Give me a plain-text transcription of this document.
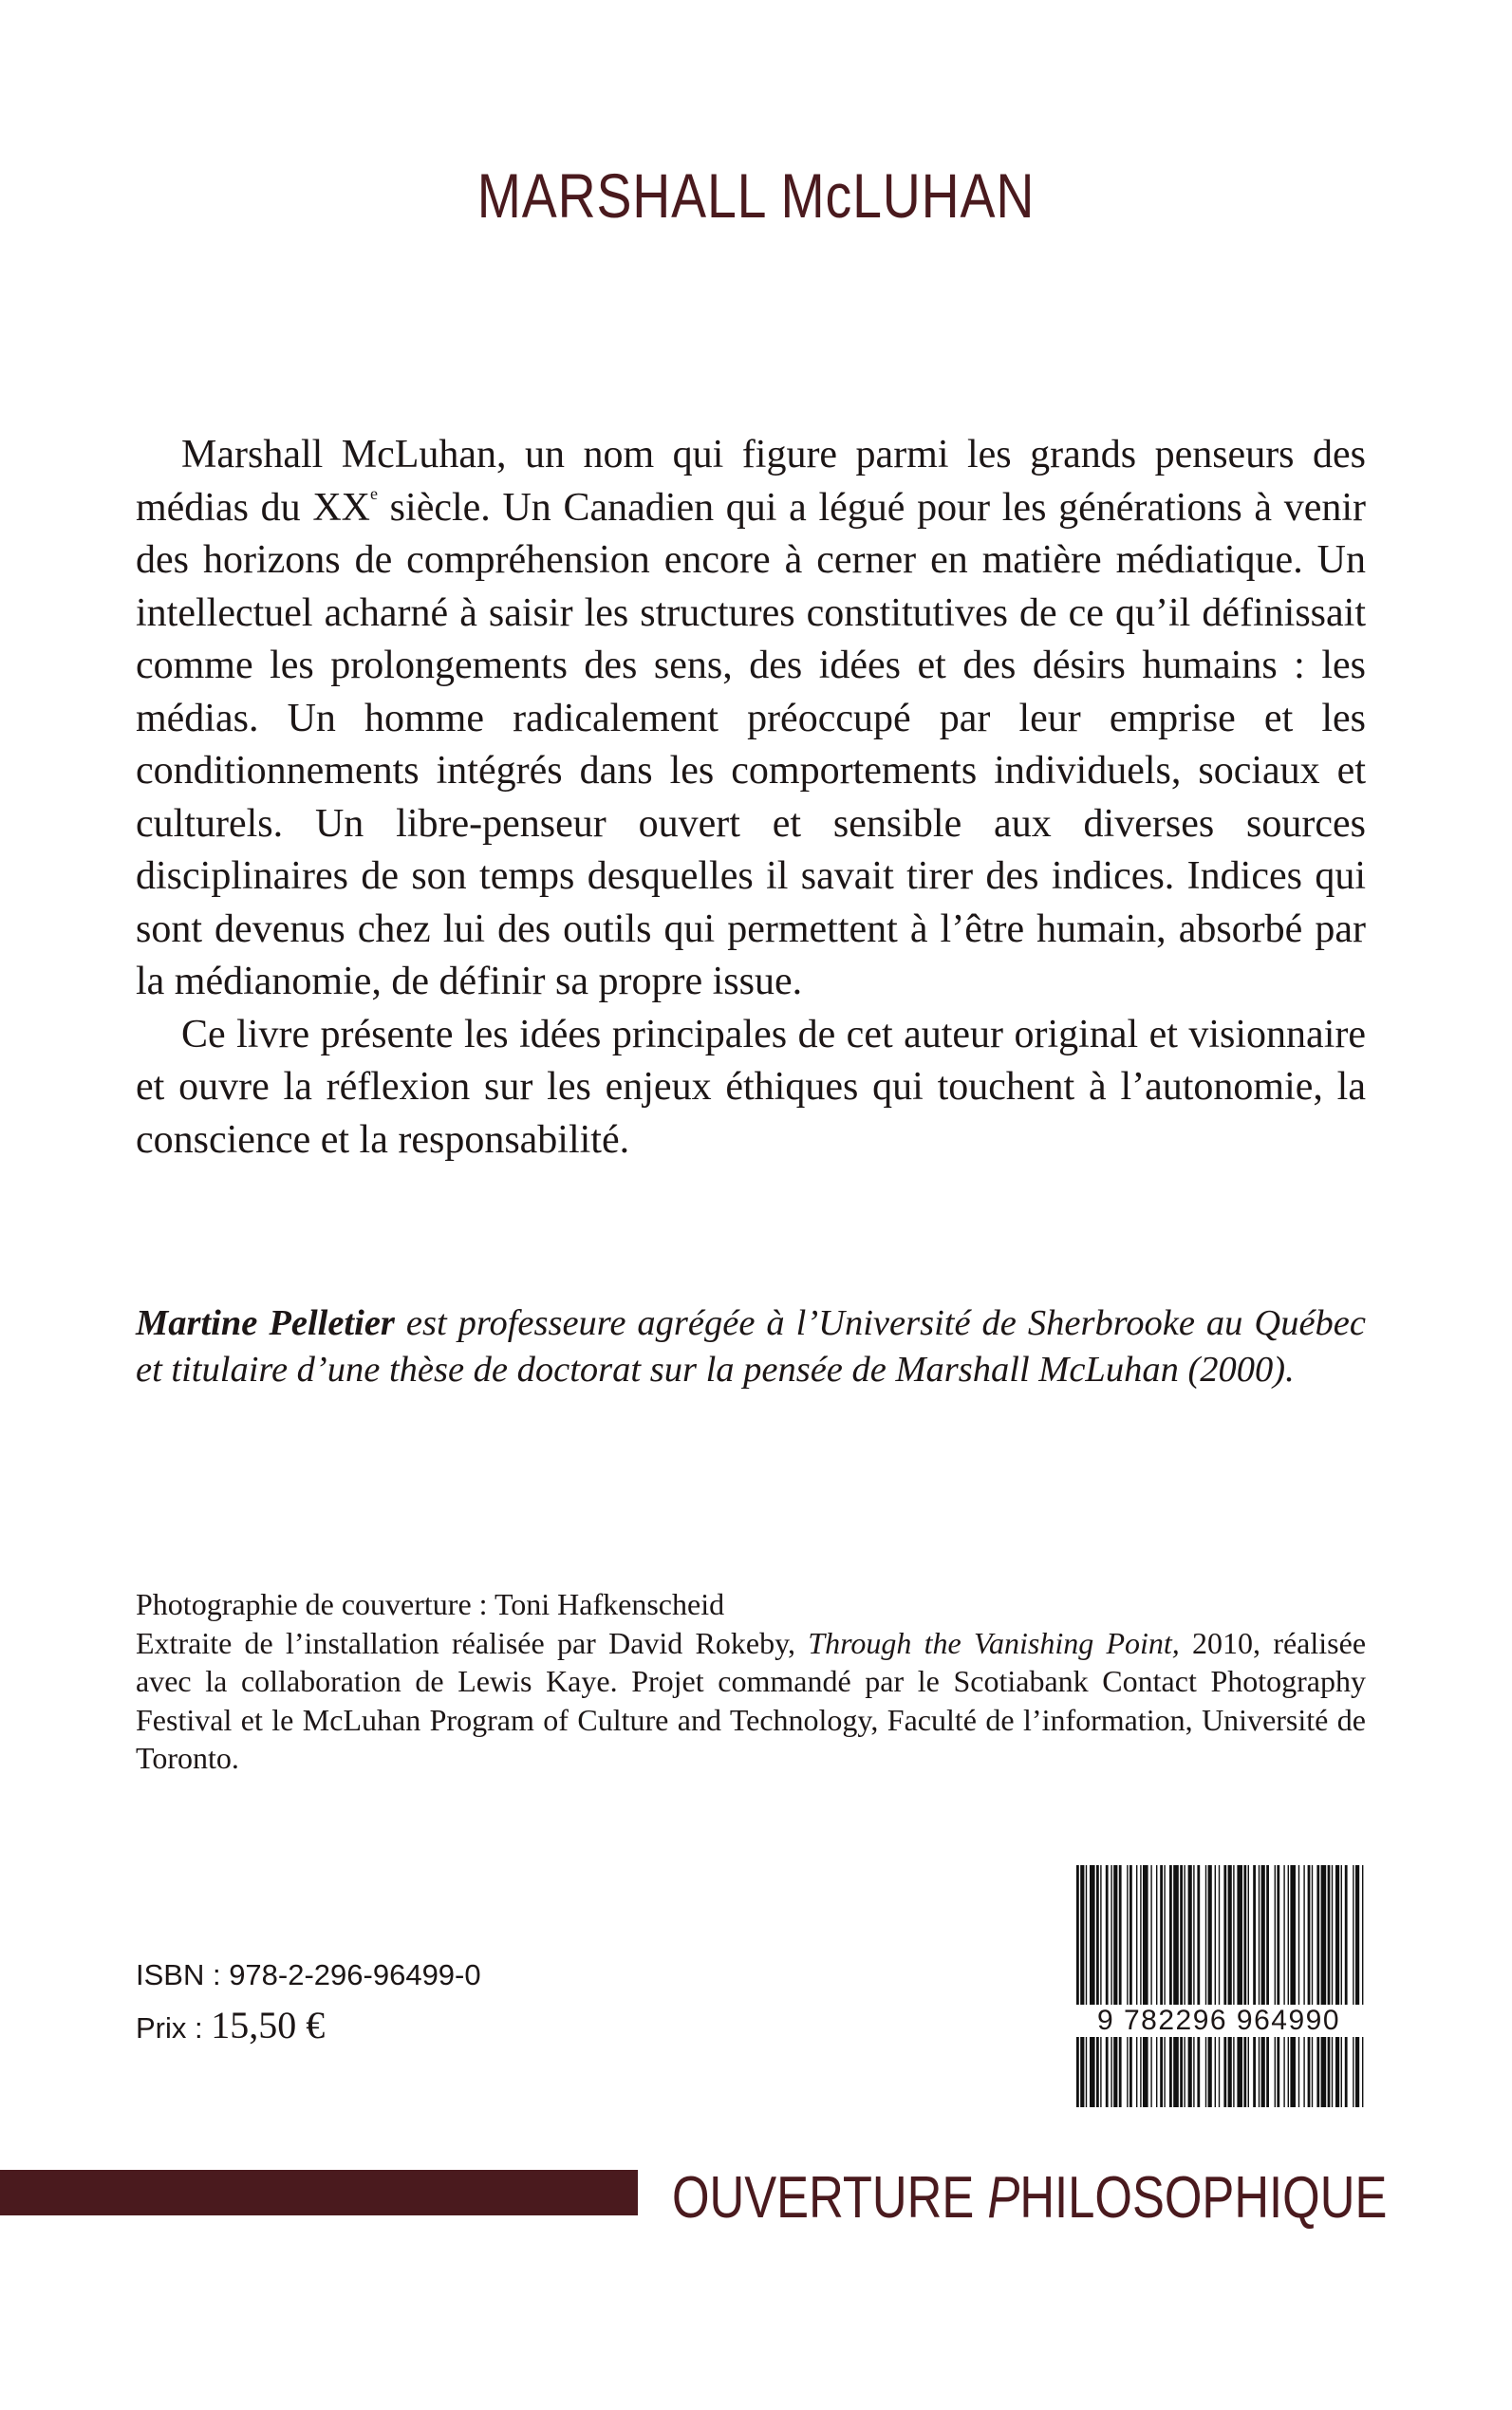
MARSHALL McLUHAN

Marshall McLuhan, un nom qui figure parmi les grands penseurs des médias du XXe siècle. Un Canadien qui a légué pour les générations à venir des horizons de compréhension encore à cerner en matière médiatique. Un intellectuel acharné à saisir les structures constitutives de ce qu’il définissait comme les prolongements des sens, des idées et des désirs humains : les médias. Un homme radicalement préoccupé par leur emprise et les conditionnements intégrés dans les comportements individuels, sociaux et culturels. Un libre-penseur ouvert et sensible aux diverses sources disciplinaires de son temps desquelles il savait tirer des indices. Indices qui sont devenus chez lui des outils qui permettent à l’être humain, absorbé par la médianomie, de définir sa propre issue.

Ce livre présente les idées principales de cet auteur original et visionnaire et ouvre la réflexion sur les enjeux éthiques qui touchent à l’autonomie, la conscience et la responsabilité.

Martine Pelletier est professeure agrégée à l’Université de Sherbrooke au Québec et titulaire d’une thèse de doctorat sur la pensée de Marshall McLuhan (2000).

Photographie de couverture : Toni Hafkenscheid

Extraite de l’installation réalisée par David Rokeby, Through the Vanishing Point, 2010, réalisée avec la collaboration de Lewis Kaye. Projet commandé par le Scotiabank Contact Photography Festival et le McLuhan Program of Culture and Technology, Faculté de l’information, Université de Toronto.

ISBN : 978-2-296-96499-0
Prix : 15,50 €	9 782296 964990
OUVERTURE PHILOSOPHIQUE
